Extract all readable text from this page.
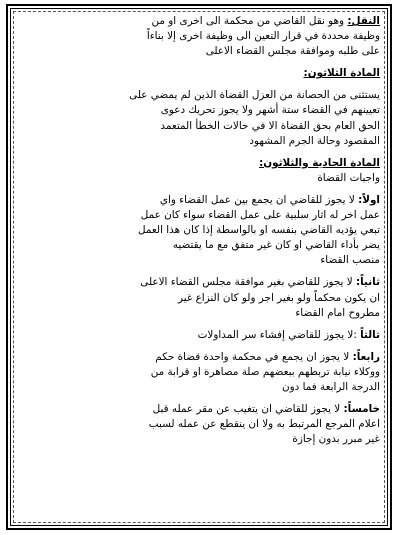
النقل: وهو نقل القاضي من محكمة الى اخرى او من

وظيفة محددة في قرار التعين الى وظيفة اخرى إلا بناءاً

على طلبه وموافقة مجلس القضاء الاعلى

المادة الثلاثون:

يستثنى من الحصانة من العزل القضاة الذين لم يمضي على

تعيينهم في القضاء ستة أشهر ولا يجوز تحريك دعوى

الحق العام بحق القضاة الا في حالات الخطأ المتعمد

المقصود وحالة الجرم المشهود

المادة الحادية والثلاثون:

واجبات القضاة

اولاً: لا يجوز للقاضي ان يجمع بين عمل القضاء واي

عمل اخر له اثار سلبية على عمل القضاء سواء كان عمل

تبعي يؤديه القاضي بنفسه او بالواسطة إذا كان هذا العمل

يضر بأداء القاضي او كان غير متفق مع ما يقتضيه

منصب القضاء

ثانياً: لا يجوز للقاضي بغير موافقة مجلس القضاء الاعلى

ان يكون محكماً ولو بغير اجر ولو كان النزاع غير

مطروح امام القضاء

ثالثاً :لا يجوز للقاضي إفشاء سر المداولات

رابعاً: لا يجوز ان يجمع في محكمة واحدة قضاة حكم

ووكلاء نيابة تربطهم ببعضهم صلة مصاهرة او قرابة من

الدرجة الرابعة فما دون

خامساً: لا يجوز للقاضي ان يتغيب عن مقر عمله قبل

اعلام المرجع المرتبط به ولا ان ينقطع عن عمله لسبب

غير مبرر بدون إجازة
